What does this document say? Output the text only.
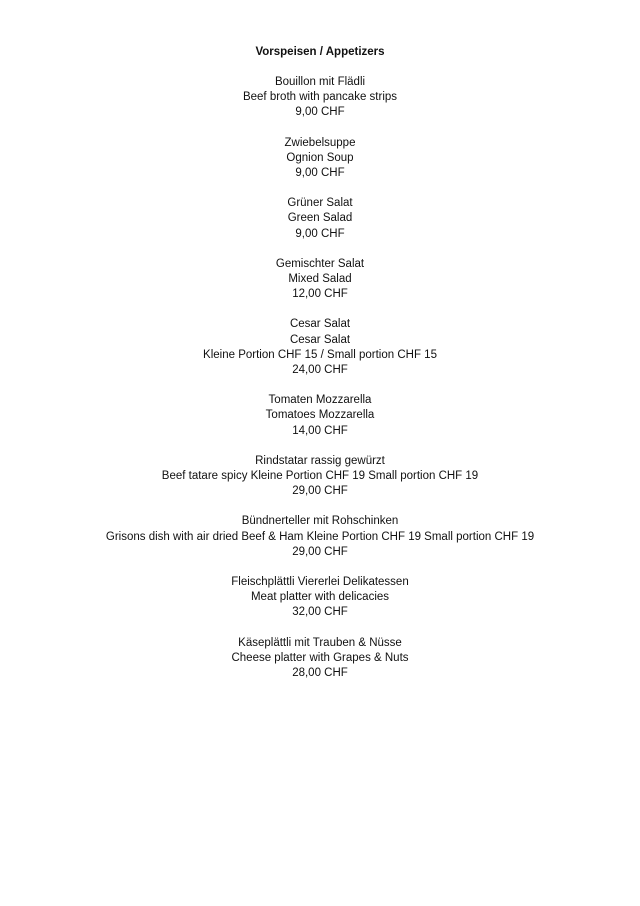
Vorspeisen / Appetizers
Bouillon mit Flädli
Beef broth with pancake strips
9,00 CHF
Zwiebelsuppe
Ognion Soup
9,00 CHF
Grüner Salat
Green Salad
9,00 CHF
Gemischter Salat
Mixed Salad
12,00 CHF
Cesar Salat
Cesar Salat
Kleine Portion CHF 15 / Small portion CHF 15
24,00 CHF
Tomaten Mozzarella
Tomatoes Mozzarella
14,00 CHF
Rindstatar rassig gewürzt
Beef tatare spicy Kleine Portion CHF 19 Small portion CHF 19
29,00 CHF
Bündnerteller mit Rohschinken
Grisons dish with air dried Beef & Ham Kleine Portion CHF 19 Small portion CHF 19
29,00 CHF
Fleischplättli Viererlei Delikatessen
Meat platter with delicacies
32,00 CHF
Käseplättli mit Trauben & Nüsse
Cheese platter with Grapes & Nuts
28,00 CHF
